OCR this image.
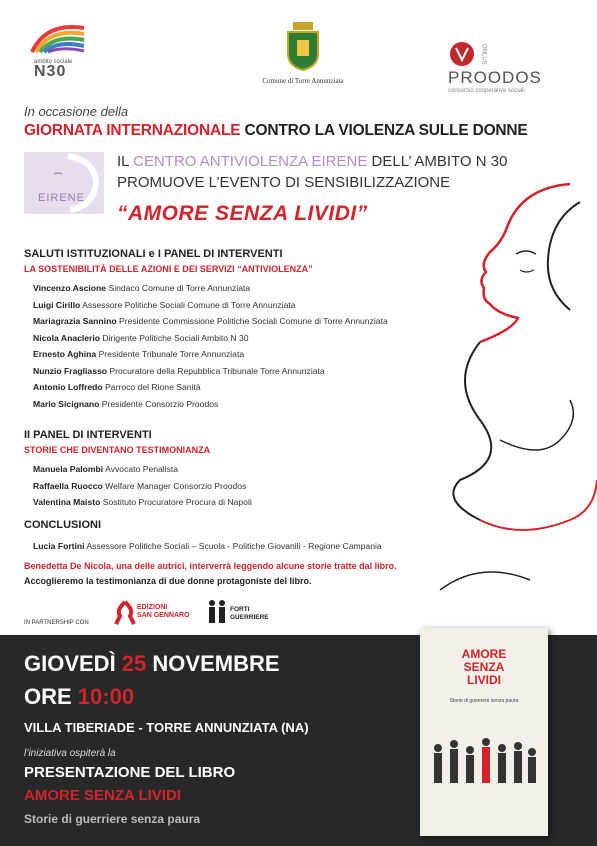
ambito sociale
N30
Comune di Torre Annunziata
ONLUS
PROODOS
consorzio cooperative sociali
In occasione della
GIORNATA INTERNAZIONALE CONTRO LA VIOLENZA SULLE DONNE
EIRENE
IL CENTRO ANTIVIOLENZA EIRENE DELL’ AMBITO N 30
PROMUOVE L’EVENTO DI SENSIBILIZZAZIONE
“AMORE SENZA LIVIDI”
SALUTI ISTITUZIONALI e I PANEL DI INTERVENTI
LA SOSTENIBILITÀ DELLE AZIONI E DEI SERVIZI “ANTIVIOLENZA”
Vincenzo Ascione Sindaco Comune di Torre Annunziata
Luigi Cirillo Assessore Politiche Sociali Comune di Torre Annunziata
Mariagrazia Sannino Presidente Commissione Politiche Sociali Comune di Torre Annunziata
Nicola Anaclerio Dirigente Politiche Sociali Ambito N 30
Ernesto Aghina Presidente Tribunale Torre Annunziata
Nunzio Fragliasso Procuratore della Repubblica Tribunale Torre Annunziata
Antonio Loffredo Parroco del Rione Sanità
Mario Sicignano Presidente Consorzio Proodos
II PANEL DI INTERVENTI
STORIE CHE DIVENTANO TESTIMONIANZA
Manuela Palombi Avvocato Penalista
Raffaella Ruocco Welfare Manager Consorzio Proodos
Valentina Maisto Sostituto Procuratore Procura di Napoli
CONCLUSIONI
Lucia Fortini Assessore Politiche Sociali – Scuola - Politiche Giovanili - Regione Campania
Benedetta De Nicola, una delle autrici, interverrà leggendo alcune storie tratte dal libro.
Accoglieremo la testimonianza di due donne protagoniste del libro.
IN PARTNERSHIP CON
EDIZIONI
SAN GENNARO
FORTI
GUERRIERE
GIOVEDÌ 25 NOVEMBRE
ORE 10:00
VILLA TIBERIADE - TORRE ANNUNZIATA (NA)
l’iniziativa ospiterà la
PRESENTAZIONE DEL LIBRO
AMORE SENZA LIVIDI
Storie di guerriere senza paura
AMORE
SENZA
LIVIDI
Storie di guerriere senza paura
